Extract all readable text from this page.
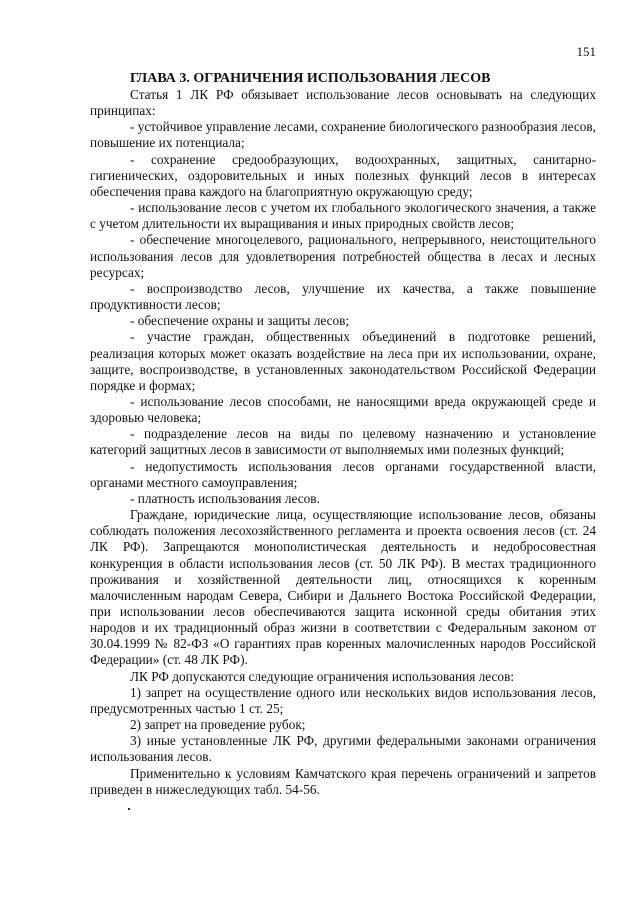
151
ГЛАВА 3. ОГРАНИЧЕНИЯ ИСПОЛЬЗОВАНИЯ ЛЕСОВ

Статья 1 ЛК РФ обязывает использование лесов основывать на следующих принципах:

- устойчивое управление лесами, сохранение биологического разнообразия лесов, повышение их потенциала;

- сохранение средообразующих, водоохранных, защитных, санитарно-гигиенических, оздоровительных и иных полезных функций лесов в интересах обеспечения права каждого на благоприятную окружающую среду;

- использование лесов с учетом их глобального экологического значения, а также с учетом длительности их выращивания и иных природных свойств лесов;

- обеспечение многоцелевого, рационального, непрерывного, неистощительного использования лесов для удовлетворения потребностей общества в лесах и лесных ресурсах;

- воспроизводство лесов, улучшение их качества, а также повышение продуктивности лесов;

- обеспечение охраны и защиты лесов;

- участие граждан, общественных объединений в подготовке решений, реализация которых может оказать воздействие на леса при их использовании, охране, защите, воспроизводстве, в установленных законодательством Российской Федерации порядке и формах;

- использование лесов способами, не наносящими вреда окружающей среде и здоровью человека;

- подразделение лесов на виды по целевому назначению и установление категорий защитных лесов в зависимости от выполняемых ими полезных функций;

- недопустимость использования лесов органами государственной власти, органами местного самоуправления;

- платность использования лесов.

Граждане, юридические лица, осуществляющие использование лесов, обязаны соблюдать положения лесохозяйственного регламента и проекта освоения лесов (ст. 24 ЛК РФ). Запрещаются монополистическая деятельность и недобросовестная конкуренция в области использования лесов (ст. 50 ЛК РФ). В местах традиционного проживания и хозяйственной деятельности лиц, относящихся к коренным малочисленным народам Севера, Сибири и Дальнего Востока Российской Федерации, при использовании лесов обеспечиваются защита исконной среды обитания этих народов и их традиционный образ жизни в соответствии с Федеральным законом от 30.04.1999 № 82-ФЗ «О гарантиях прав коренных малочисленных народов Российской Федерации» (ст. 48 ЛК РФ).

ЛК РФ допускаются следующие ограничения использования лесов:

1) запрет на осуществление одного или нескольких видов использования лесов, предусмотренных частью 1 ст. 25;

2) запрет на проведение рубок;

3) иные установленные ЛК РФ, другими федеральными законами ограничения использования лесов.

Применительно к условиям Камчатского края перечень ограничений и запретов приведен в нижеследующих табл. 54-56.
